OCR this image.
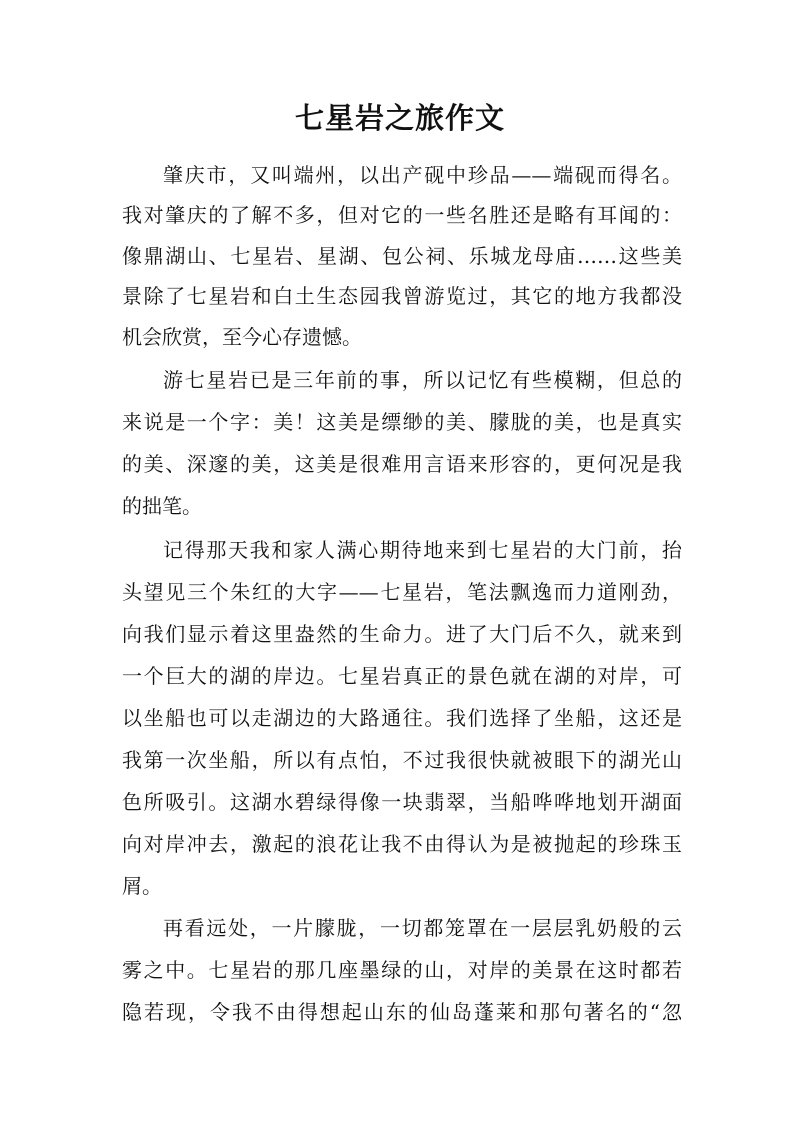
七星岩之旅作文

肇庆市，又叫端州，以出产砚中珍品——端砚而得名。

我对肇庆的了解不多，但对它的一些名胜还是略有耳闻的：

像鼎湖山、七星岩、星湖、包公祠、乐城龙母庙……这些美

景除了七星岩和白土生态园我曾游览过，其它的地方我都没

机会欣赏，至今心存遗憾。

游七星岩已是三年前的事，所以记忆有些模糊，但总的

来说是一个字：美！这美是缥缈的美、朦胧的美，也是真实

的美、深邃的美，这美是很难用言语来形容的，更何况是我

的拙笔。

记得那天我和家人满心期待地来到七星岩的大门前，抬

头望见三个朱红的大字——七星岩，笔法飘逸而力道刚劲，

向我们显示着这里盎然的生命力。进了大门后不久，就来到

一个巨大的湖的岸边。七星岩真正的景色就在湖的对岸，可

以坐船也可以走湖边的大路通往。我们选择了坐船，这还是

我第一次坐船，所以有点怕，不过我很快就被眼下的湖光山

色所吸引。这湖水碧绿得像一块翡翠，当船哗哗地划开湖面

向对岸冲去，激起的浪花让我不由得认为是被抛起的珍珠玉

屑。

再看远处，一片朦胧，一切都笼罩在一层层乳奶般的云

雾之中。七星岩的那几座墨绿的山，对岸的美景在这时都若

隐若现，令我不由得想起山东的仙岛蓬莱和那句著名的“忽
